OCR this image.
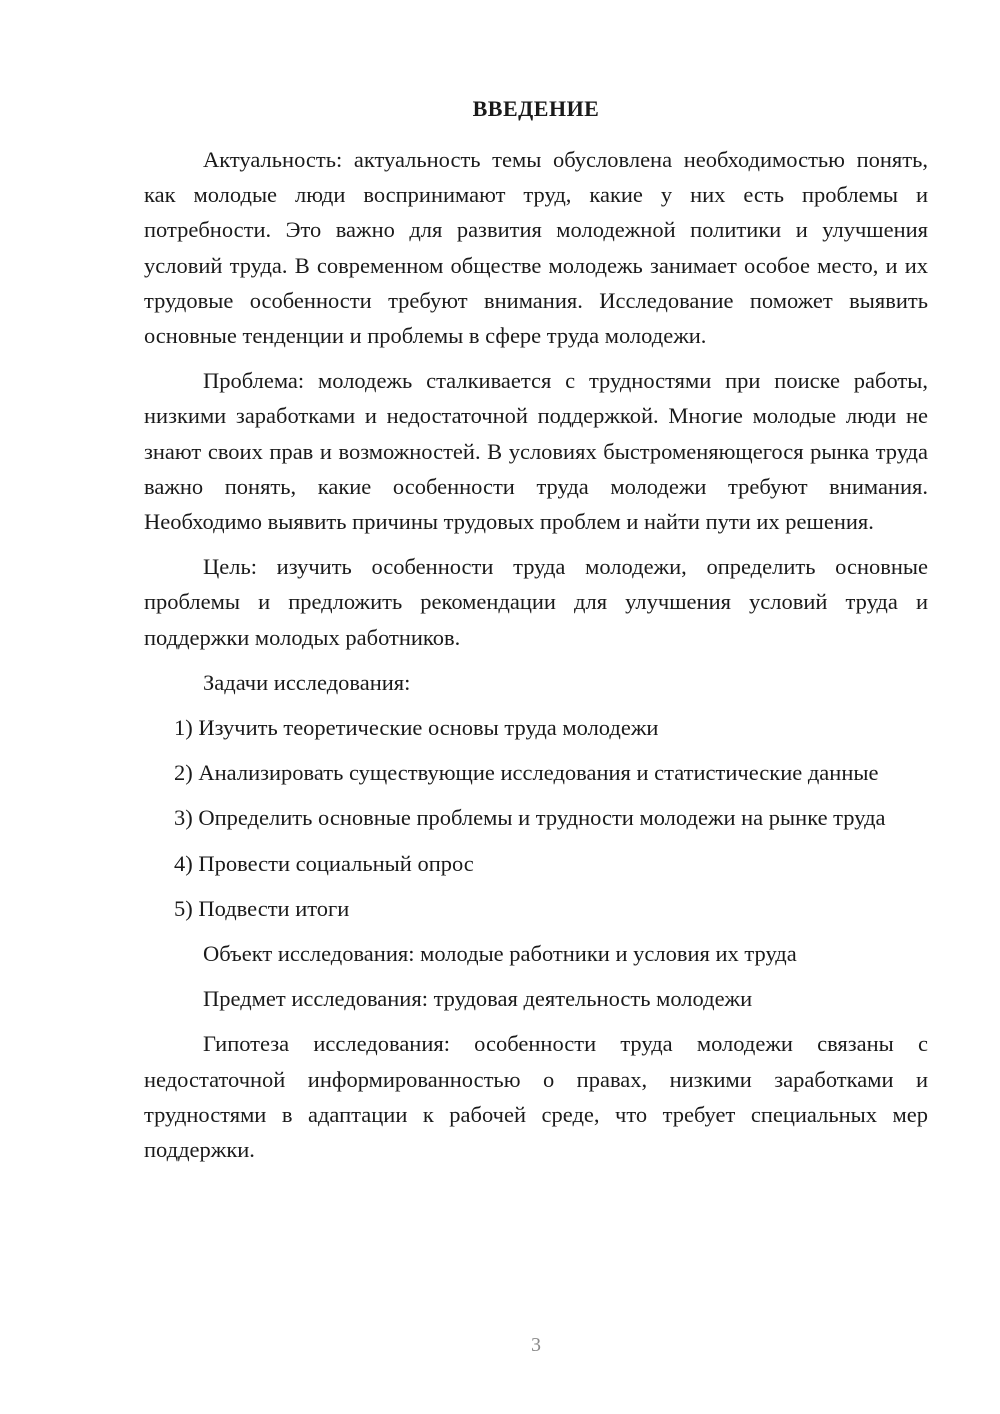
ВВЕДЕНИЕ

Актуальность: актуальность темы обусловлена необходимостью понять, как молодые люди воспринимают труд, какие у них есть проблемы и потребности. Это важно для развития молодежной политики и улучшения условий труда. В современном обществе молодежь занимает особое место, и их трудовые особенности требуют внимания. Исследование поможет выявить основные тенденции и проблемы в сфере труда молодежи.

Проблема: молодежь сталкивается с трудностями при поиске работы, низкими заработками и недостаточной поддержкой. Многие молодые люди не знают своих прав и возможностей. В условиях быстроменяющегося рынка труда важно понять, какие особенности труда молодежи требуют внимания. Необходимо выявить причины трудовых проблем и найти пути их решения.

Цель: изучить особенности труда молодежи, определить основные проблемы и предложить рекомендации для улучшения условий труда и поддержки молодых работников.

Задачи исследования:

1) Изучить теоретические основы труда молодежи

2) Анализировать существующие исследования и статистические данные

3) Определить основные проблемы и трудности молодежи на рынке труда

4) Провести социальный опрос

5) Подвести итоги

Объект исследования: молодые работники и условия их труда

Предмет исследования: трудовая деятельность молодежи

Гипотеза исследования: особенности труда молодежи связаны с недостаточной информированностью о правах, низкими заработками и трудностями в адаптации к рабочей среде, что требует специальных мер поддержки.

3
